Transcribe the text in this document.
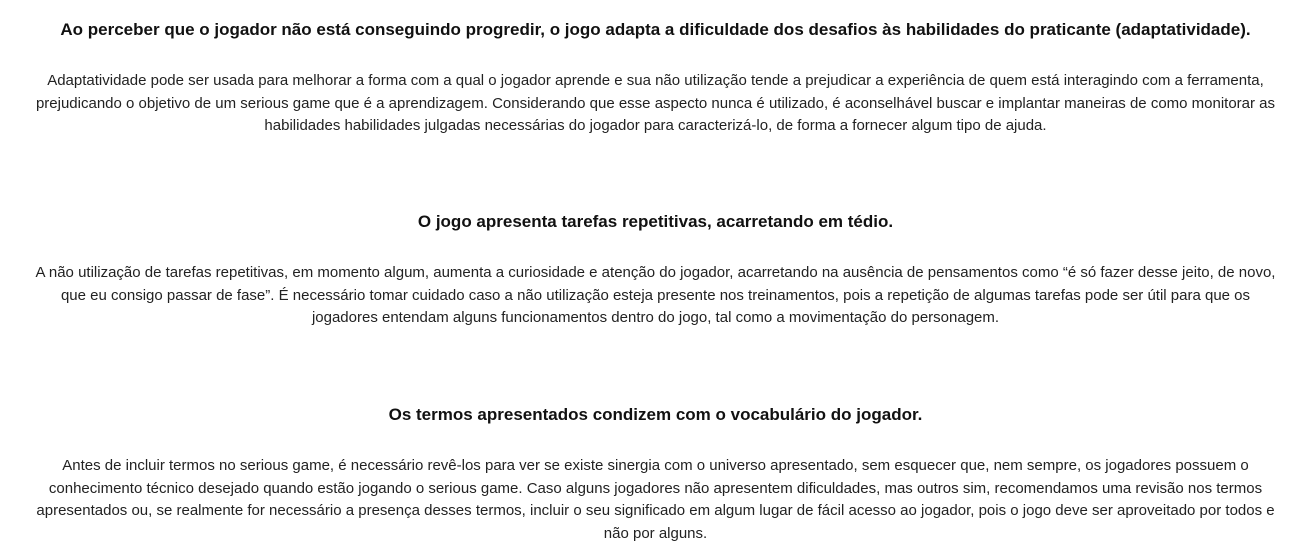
Ao perceber que o jogador não está conseguindo progredir, o jogo adapta a dificuldade dos desafios às habilidades do praticante (adaptatividade).

Adaptatividade pode ser usada para melhorar a forma com a qual o jogador aprende e sua não utilização tende a prejudicar a experiência de quem está interagindo com a ferramenta, prejudicando o objetivo de um serious game que é a aprendizagem. Considerando que esse aspecto nunca é utilizado, é aconselhável buscar e implantar maneiras de como monitorar as habilidades habilidades julgadas necessárias do jogador para caracterizá-lo, de forma a fornecer algum tipo de ajuda.

O jogo apresenta tarefas repetitivas, acarretando em tédio.

A não utilização de tarefas repetitivas, em momento algum, aumenta a curiosidade e atenção do jogador, acarretando na ausência de pensamentos como “é só fazer desse jeito, de novo, que eu consigo passar de fase”. É necessário tomar cuidado caso a não utilização esteja presente nos treinamentos, pois a repetição de algumas tarefas pode ser útil para que os jogadores entendam alguns funcionamentos dentro do jogo, tal como a movimentação do personagem.

Os termos apresentados condizem com o vocabulário do jogador.

Antes de incluir termos no serious game, é necessário revê-los para ver se existe sinergia com o universo apresentado, sem esquecer que, nem sempre, os jogadores possuem o conhecimento técnico desejado quando estão jogando o serious game. Caso alguns jogadores não apresentem dificuldades, mas outros sim, recomendamos uma revisão nos termos apresentados ou, se realmente for necessário a presença desses termos, incluir o seu significado em algum lugar de fácil acesso ao jogador, pois o jogo deve ser aproveitado por todos e não por alguns.
